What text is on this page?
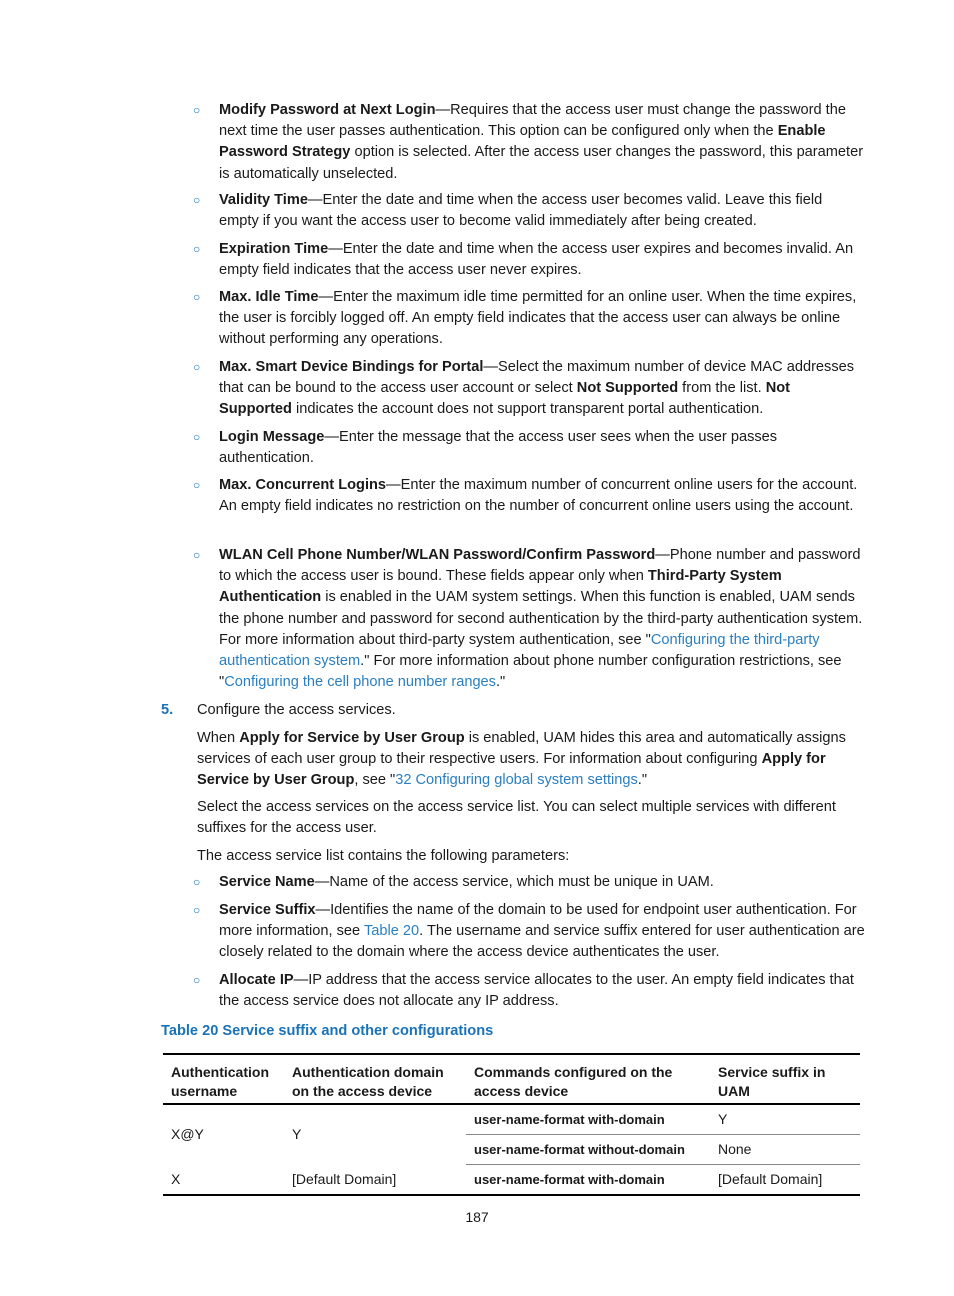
○ Modify Password at Next Login—Requires that the access user must change the password the next time the user passes authentication. This option can be configured only when the Enable Password Strategy option is selected. After the access user changes the password, this parameter is automatically unselected.
○ Validity Time—Enter the date and time when the access user becomes valid. Leave this field empty if you want the access user to become valid immediately after being created.
○ Expiration Time—Enter the date and time when the access user expires and becomes invalid. An empty field indicates that the access user never expires.
○ Max. Idle Time—Enter the maximum idle time permitted for an online user. When the time expires, the user is forcibly logged off. An empty field indicates that the access user can always be online without performing any operations.
○ Max. Smart Device Bindings for Portal—Select the maximum number of device MAC addresses that can be bound to the access user account or select Not Supported from the list. Not Supported indicates the account does not support transparent portal authentication.
○ Login Message—Enter the message that the access user sees when the user passes authentication.
○ Max. Concurrent Logins—Enter the maximum number of concurrent online users for the account. An empty field indicates no restriction on the number of concurrent online users using the account.
○ WLAN Cell Phone Number/WLAN Password/Confirm Password—Phone number and password to which the access user is bound. These fields appear only when Third-Party System Authentication is enabled in the UAM system settings. When this function is enabled, UAM sends the phone number and password for second authentication by the third-party authentication system. For more information about third-party system authentication, see "Configuring the third-party authentication system." For more information about phone number configuration restrictions, see "Configuring the cell phone number ranges."
5. Configure the access services.
When Apply for Service by User Group is enabled, UAM hides this area and automatically assigns services of each user group to their respective users. For information about configuring Apply for Service by User Group, see "32 Configuring global system settings."
Select the access services on the access service list. You can select multiple services with different suffixes for the access user.
The access service list contains the following parameters:
○ Service Name—Name of the access service, which must be unique in UAM.
○ Service Suffix—Identifies the name of the domain to be used for endpoint user authentication. For more information, see Table 20. The username and service suffix entered for user authentication are closely related to the domain where the access device authenticates the user.
○ Allocate IP—IP address that the access service allocates to the user. An empty field indicates that the access service does not allocate any IP address.
Table 20 Service suffix and other configurations
Authentication username	Authentication domain on the access device	Commands configured on the access device	Service suffix in UAM
X@Y	Y	user-name-format with-domain	Y
		user-name-format without-domain	None
X	[Default Domain]	user-name-format with-domain	[Default Domain]
187
